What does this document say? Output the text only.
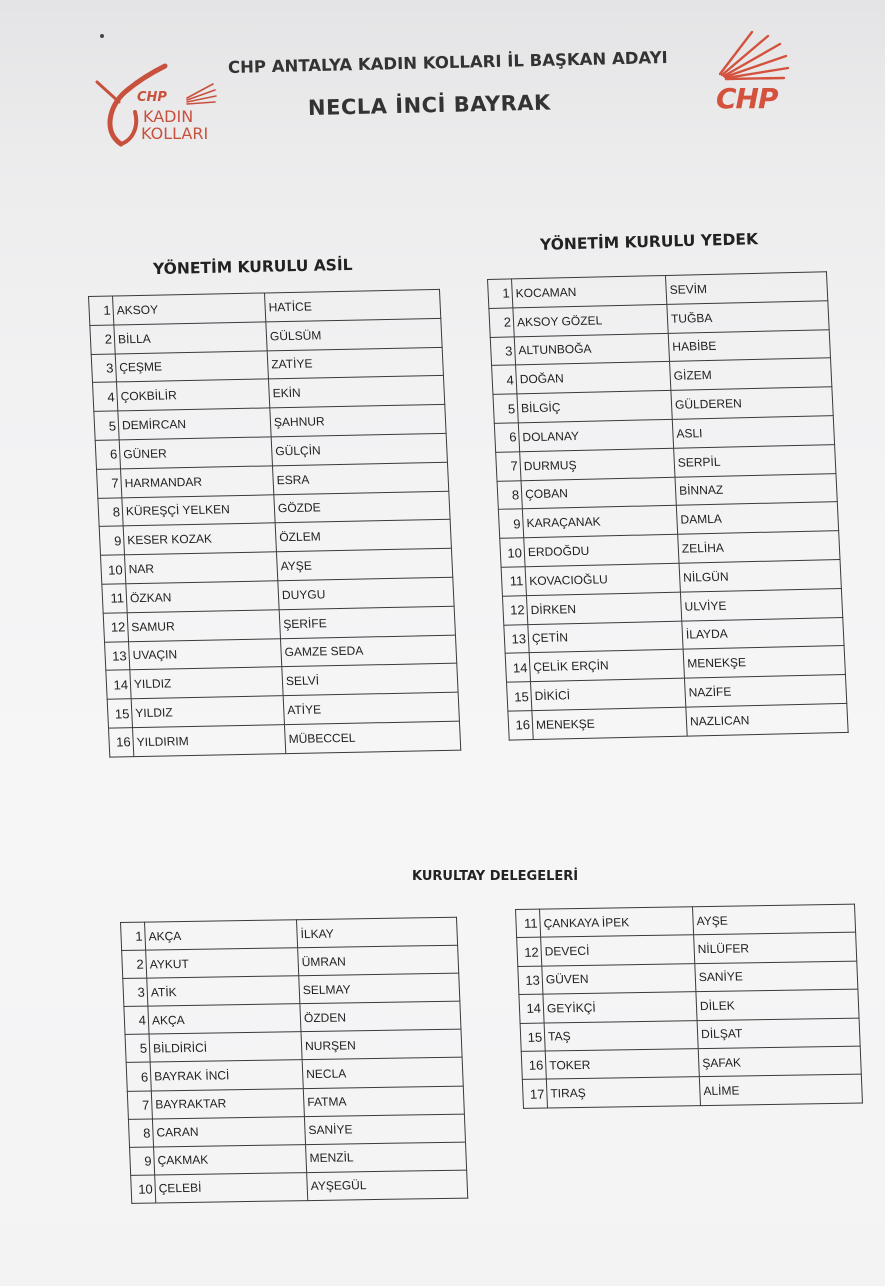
CHP
KADIN
KOLLARI
CHP ANTALYA KADIN KOLLARI İL BAŞKAN ADAYI
NECLA İNCİ BAYRAK	CHP
YÖNETİM KURULU ASİL
YÖNETİM KURULU YEDEK
KURULTAY DELEGELERİ
1	AKSOY	HATİCE
2	BİLLA	GÜLSÜM
3	ÇEŞME	ZATİYE
4	ÇOKBİLİR	EKİN
5	DEMİRCAN	ŞAHNUR
6	GÜNER	GÜLÇİN
7	HARMANDAR	ESRA
8	KÜREŞÇİ YELKEN	GÖZDE
9	KESER KOZAK	ÖZLEM
10	NAR	AYŞE
11	ÖZKAN	DUYGU
12	SAMUR	ŞERİFE
13	UVAÇIN	GAMZE SEDA
14	YILDIZ	SELVİ
15	YILDIZ	ATİYE
16	YILDIRIM	MÜBECCEL
1	KOCAMAN	SEVİM
2	AKSOY GÖZEL	TUĞBA
3	ALTUNBOĞA	HABİBE
4	DOĞAN	GİZEM
5	BİLGİÇ	GÜLDEREN
6	DOLANAY	ASLI
7	DURMUŞ	SERPİL
8	ÇOBAN	BİNNAZ
9	KARAÇANAK	DAMLA
10	ERDOĞDU	ZELİHA
11	KOVACIOĞLU	NİLGÜN
12	DİRKEN	ULVİYE
13	ÇETİN	İLAYDA
14	ÇELİK ERÇİN	MENEKŞE
15	DİKİCİ	NAZİFE
16	MENEKŞE	NAZLICAN
1	AKÇA	İLKAY
2	AYKUT	ÜMRAN
3	ATİK	SELMAY
4	AKÇA	ÖZDEN
5	BİLDİRİCİ	NURŞEN
6	BAYRAK İNCİ	NECLA
7	BAYRAKTAR	FATMA
8	CARAN	SANİYE
9	ÇAKMAK	MENZİL
10	ÇELEBİ	AYŞEGÜL
11	ÇANKAYA İPEK	AYŞE
12	DEVECİ	NİLÜFER
13	GÜVEN	SANİYE
14	GEYİKÇİ	DİLEK
15	TAŞ	DİLŞAT
16	TOKER	ŞAFAK
17	TIRAŞ	ALİME
